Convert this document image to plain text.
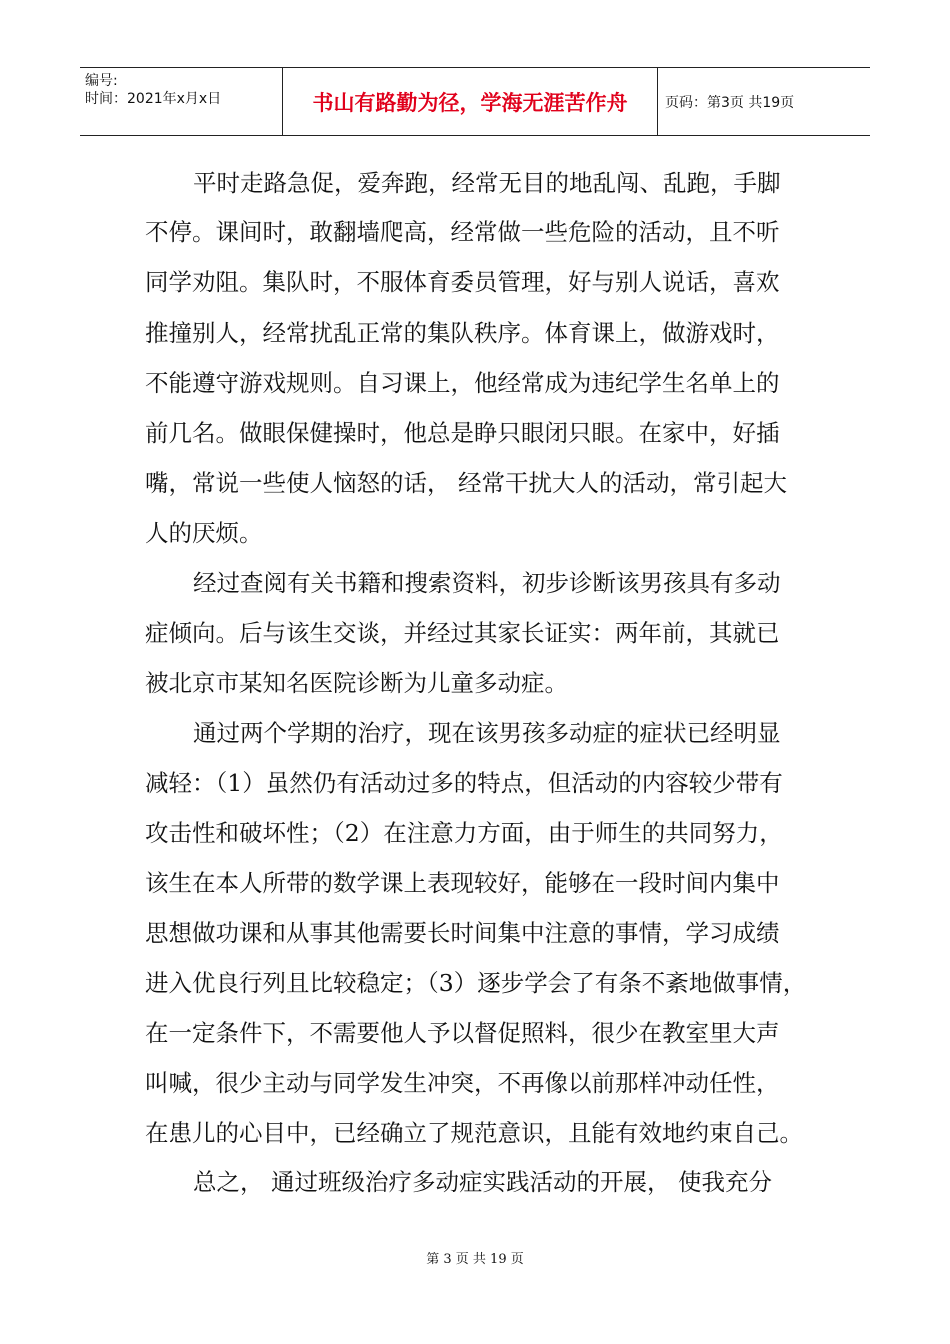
编号:
时间：2021年x月x日	书山有路勤为径，学海无涯苦作舟	页码：第3页 共19页
平时走路急促，爱奔跑，经常无目的地乱闯、乱跑，手脚
不停。课间时，敢翻墙爬高，经常做一些危险的活动，且不听
同学劝阻。集队时，不服体育委员管理，好与别人说话，喜欢
推撞别人，经常扰乱正常的集队秩序。体育课上，做游戏时，
不能遵守游戏规则。自习课上，他经常成为违纪学生名单上的
前几名。做眼保健操时，他总是睁只眼闭只眼。在家中，好插
嘴，常说一些使人恼怒的话， 经常干扰大人的活动，常引起大
人的厌烦。
经过查阅有关书籍和搜索资料，初步诊断该男孩具有多动
症倾向。后与该生交谈，并经过其家长证实：两年前，其就已
被北京市某知名医院诊断为儿童多动症。
通过两个学期的治疗，现在该男孩多动症的症状已经明显
减轻：（1）虽然仍有活动过多的特点，但活动的内容较少带有
攻击性和破坏性；（2）在注意力方面，由于师生的共同努力，
该生在本人所带的数学课上表现较好，能够在一段时间内集中
思想做功课和从事其他需要长时间集中注意的事情，学习成绩
进入优良行列且比较稳定；（3）逐步学会了有条不紊地做事情，
在一定条件下，不需要他人予以督促照料，很少在教室里大声
叫喊，很少主动与同学发生冲突，不再像以前那样冲动任性，
在患儿的心目中，已经确立了规范意识，且能有效地约束自己。
总之， 通过班级治疗多动症实践活动的开展， 使我充分
第 3 页 共 19 页
